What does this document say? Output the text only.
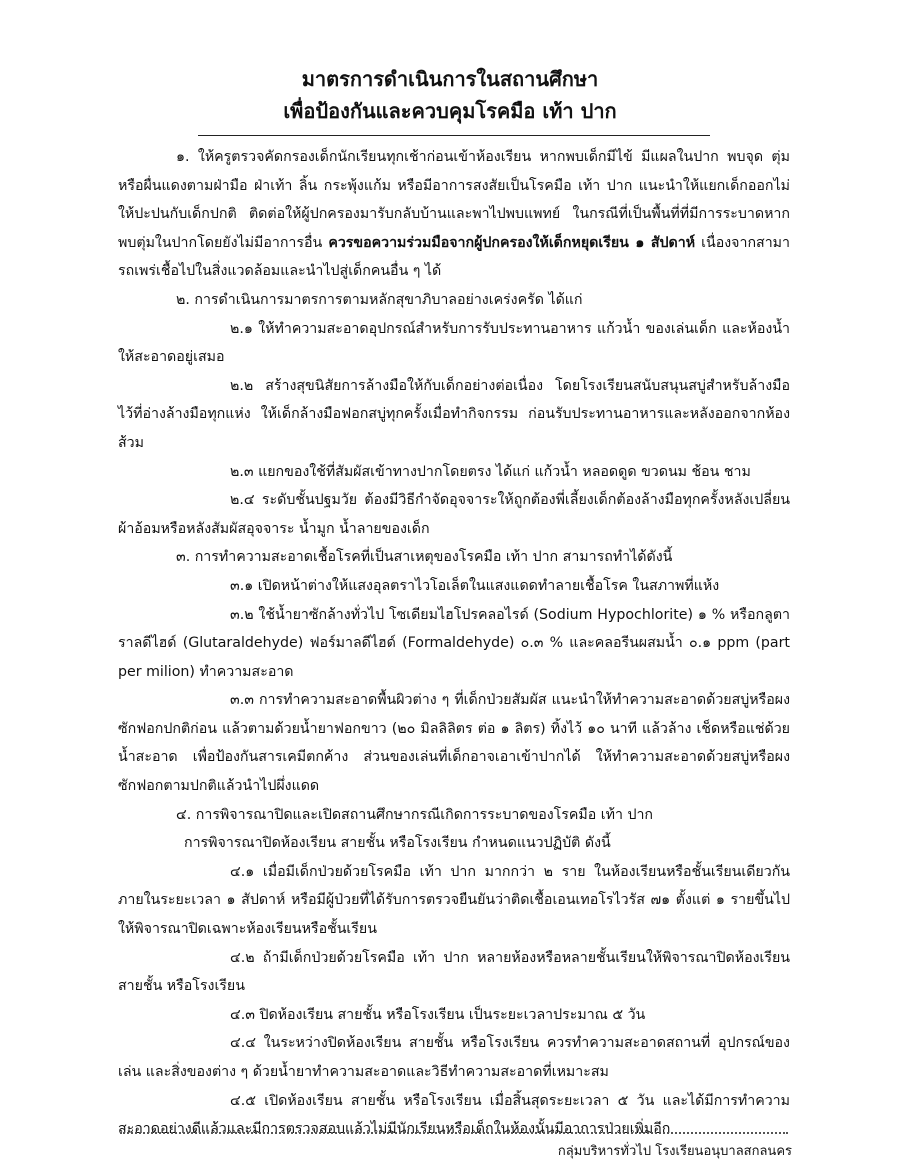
มาตรการดำเนินการในสถานศึกษา
เพื่อป้องกันและควบคุมโรคมือ เท้า ปาก

๑. ให้ครูตรวจคัดกรองเด็กนักเรียนทุกเช้าก่อนเข้าห้องเรียน หากพบเด็กมีไข้ มีแผลในปาก พบจุด ตุ่ม หรือผื่นแดงตามฝ่ามือ ฝ่าเท้า ลิ้น กระพุ้งแก้ม หรือมีอาการสงสัยเป็นโรคมือ เท้า ปาก แนะนำให้แยกเด็กออกไม่ให้ปะปนกับเด็กปกติ ติดต่อให้ผู้ปกครองมารับกลับบ้านและพาไปพบแพทย์ ในกรณีที่เป็นพื้นที่ที่มีการระบาดหากพบตุ่มในปากโดยยังไม่มีอาการอื่น ควรขอความร่วมมือจากผู้ปกครองให้เด็กหยุดเรียน ๑ สัปดาห์ เนื่องจากสามารถเพร่เชื้อไปในสิ่งแวดล้อมและนำไปสู่เด็กคนอื่น ๆ ได้

๒. การดำเนินการมาตรการตามหลักสุขาภิบาลอย่างเคร่งครัด ได้แก่

๒.๑ ให้ทำความสะอาดอุปกรณ์สำหรับการรับประทานอาหาร แก้วน้ำ ของเล่นเด็ก และห้องน้ำให้สะอาดอยู่เสมอ

๒.๒ สร้างสุขนิสัยการล้างมือให้กับเด็กอย่างต่อเนื่อง โดยโรงเรียนสนับสนุนสบู่สำหรับล้างมือไว้ที่อ่างล้างมือทุกแห่ง ให้เด็กล้างมือฟอกสบู่ทุกครั้งเมื่อทำกิจกรรม ก่อนรับประทานอาหารและหลังออกจากห้องส้วม

๒.๓ แยกของใช้ที่สัมผัสเข้าทางปากโดยตรง ได้แก่ แก้วน้ำ หลอดดูด ขวดนม ช้อน ชาม

๒.๔ ระดับชั้นปฐมวัย ต้องมีวิธีกำจัดอุจจาระให้ถูกต้องพี่เลี้ยงเด็กต้องล้างมือทุกครั้งหลังเปลี่ยนผ้าอ้อมหรือหลังสัมผัสอุจจาระ น้ำมูก น้ำลายของเด็ก

๓. การทำความสะอาดเชื้อโรคที่เป็นสาเหตุของโรคมือ เท้า ปาก สามารถทำได้ดังนี้

๓.๑ เปิดหน้าต่างให้แสงอุลตราไวโอเล็ตในแสงแดดทำลายเชื้อโรค ในสภาพที่แห้ง

๓.๒ ใช้น้ำยาซักล้างทั่วไป โซเดียมไฮโปรคลอไรด์ (Sodium Hypochlorite) ๑ % หรือกลูตาราลดีไฮด์ (Glutaraldehyde) ฟอร์มาลดีไฮด์ (Formaldehyde) ๐.๓ % และคลอรีนผสมน้ำ ๐.๑ ppm (part per milion) ทำความสะอาด

๓.๓ การทำความสะอาดพื้นผิวต่าง ๆ ที่เด็กป่วยสัมผัส แนะนำให้ทำความสะอาดด้วยสบู่หรือผงซักฟอกปกติก่อน แล้วตามด้วยน้ำยาฟอกขาว (๒๐ มิลลิลิตร ต่อ ๑ ลิตร) ทิ้งไว้ ๑๐ นาที แล้วล้าง เช็ดหรือแช่ด้วยน้ำสะอาด เพื่อป้องกันสารเคมีตกค้าง ส่วนของเล่นที่เด็กอาจเอาเข้าปากได้ ให้ทำความสะอาดด้วยสบู่หรือผงซักฟอกตามปกติแล้วนำไปผึ่งแดด

๔. การพิจารณาปิดและเปิดสถานศึกษากรณีเกิดการระบาดของโรคมือ เท้า ปาก

การพิจารณาปิดห้องเรียน สายชั้น หรือโรงเรียน กำหนดแนวปฏิบัติ ดังนี้

๔.๑ เมื่อมีเด็กป่วยด้วยโรคมือ เท้า ปาก มากกว่า ๒ ราย ในห้องเรียนหรือชั้นเรียนเดียวกันภายในระยะเวลา ๑ สัปดาห์ หรือมีผู้ป่วยที่ได้รับการตรวจยืนยันว่าติดเชื้อเอนเทอโรไวรัส ๗๑ ตั้งแต่ ๑ รายขึ้นไป ให้พิจารณาปิดเฉพาะห้องเรียนหรือชั้นเรียน

๔.๒ ถ้ามีเด็กป่วยด้วยโรคมือ เท้า ปาก หลายห้องหรือหลายชั้นเรียนให้พิจารณาปิดห้องเรียน สายชั้น หรือโรงเรียน

๔.๓ ปิดห้องเรียน สายชั้น หรือโรงเรียน เป็นระยะเวลาประมาณ ๕ วัน

๔.๔ ในระหว่างปิดห้องเรียน สายชั้น หรือโรงเรียน ควรทำความสะอาดสถานที่ อุปกรณ์ของเล่น และสิ่งของต่าง ๆ ด้วยน้ำยาทำความสะอาดและวิธีทำความสะอาดที่เหมาะสม

๔.๕ เปิดห้องเรียน สายชั้น หรือโรงเรียน เมื่อสิ้นสุดระยะเวลา ๕ วัน และได้มีการทำความสะอาดอย่างดีแล้วและมีการตรวจสอบแล้วไม่มีนักเรียนหรือเด็กในห้องนั้นมีอาการป่วยเพิ่มอีก

กลุ่มบริหารทั่วไป โรงเรียนอนุบาลสกลนคร
